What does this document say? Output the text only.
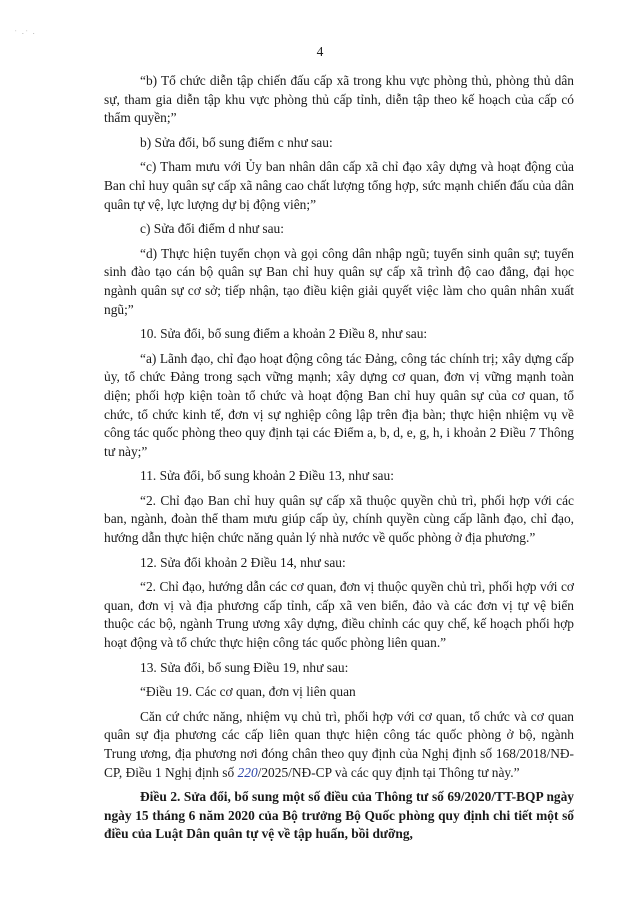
˙ ·˙ ·
4

“b) Tổ chức diễn tập chiến đấu cấp xã trong khu vực phòng thủ, phòng thủ dân sự, tham gia diễn tập khu vực phòng thủ cấp tỉnh, diễn tập theo kế hoạch của cấp có thẩm quyền;”

b) Sửa đổi, bổ sung điểm c như sau:

“c) Tham mưu với Ủy ban nhân dân cấp xã chỉ đạo xây dựng và hoạt động của Ban chỉ huy quân sự cấp xã nâng cao chất lượng tổng hợp, sức mạnh chiến đấu của dân quân tự vệ, lực lượng dự bị động viên;”

c) Sửa đổi điểm d như sau:

“d) Thực hiện tuyển chọn và gọi công dân nhập ngũ; tuyển sinh quân sự; tuyển sinh đào tạo cán bộ quân sự Ban chỉ huy quân sự cấp xã trình độ cao đẳng, đại học ngành quân sự cơ sở; tiếp nhận, tạo điều kiện giải quyết việc làm cho quân nhân xuất ngũ;”

10. Sửa đổi, bổ sung điểm a khoản 2 Điều 8, như sau:

“a) Lãnh đạo, chỉ đạo hoạt động công tác Đảng, công tác chính trị; xây dựng cấp ủy, tổ chức Đảng trong sạch vững mạnh; xây dựng cơ quan, đơn vị vững mạnh toàn diện; phối hợp kiện toàn tổ chức và hoạt động Ban chỉ huy quân sự của cơ quan, tổ chức, tổ chức kinh tế, đơn vị sự nghiệp công lập trên địa bàn; thực hiện nhiệm vụ về công tác quốc phòng theo quy định tại các Điểm a, b, d, e, g, h, i khoản 2 Điều 7 Thông tư này;”

11. Sửa đổi, bổ sung khoản 2 Điều 13, như sau:

“2. Chỉ đạo Ban chỉ huy quân sự cấp xã thuộc quyền chủ trì, phối hợp với các ban, ngành, đoàn thể tham mưu giúp cấp ủy, chính quyền cùng cấp lãnh đạo, chỉ đạo, hướng dẫn thực hiện chức năng quản lý nhà nước về quốc phòng ở địa phương.”

12. Sửa đổi khoản 2 Điều 14, như sau:

“2. Chỉ đạo, hướng dẫn các cơ quan, đơn vị thuộc quyền chủ trì, phối hợp với cơ quan, đơn vị và địa phương cấp tỉnh, cấp xã ven biển, đảo và các đơn vị tự vệ biển thuộc các bộ, ngành Trung ương xây dựng, điều chỉnh các quy chế, kế hoạch phối hợp hoạt động và tổ chức thực hiện công tác quốc phòng liên quan.”

13. Sửa đổi, bổ sung Điều 19, như sau:

“Điều 19. Các cơ quan, đơn vị liên quan

Căn cứ chức năng, nhiệm vụ chủ trì, phối hợp với cơ quan, tổ chức và cơ quan quân sự địa phương các cấp liên quan thực hiện công tác quốc phòng ở bộ, ngành Trung ương, địa phương nơi đóng chân theo quy định của Nghị định số 168/2018/NĐ-CP, Điều 1 Nghị định số 220/2025/NĐ-CP và các quy định tại Thông tư này.”

Điều 2. Sửa đổi, bổ sung một số điều của Thông tư số 69/2020/TT-BQP ngày ngày 15 tháng 6 năm 2020 của Bộ trưởng Bộ Quốc phòng quy định chi tiết một số điều của Luật Dân quân tự vệ về tập huấn, bồi dưỡng,
